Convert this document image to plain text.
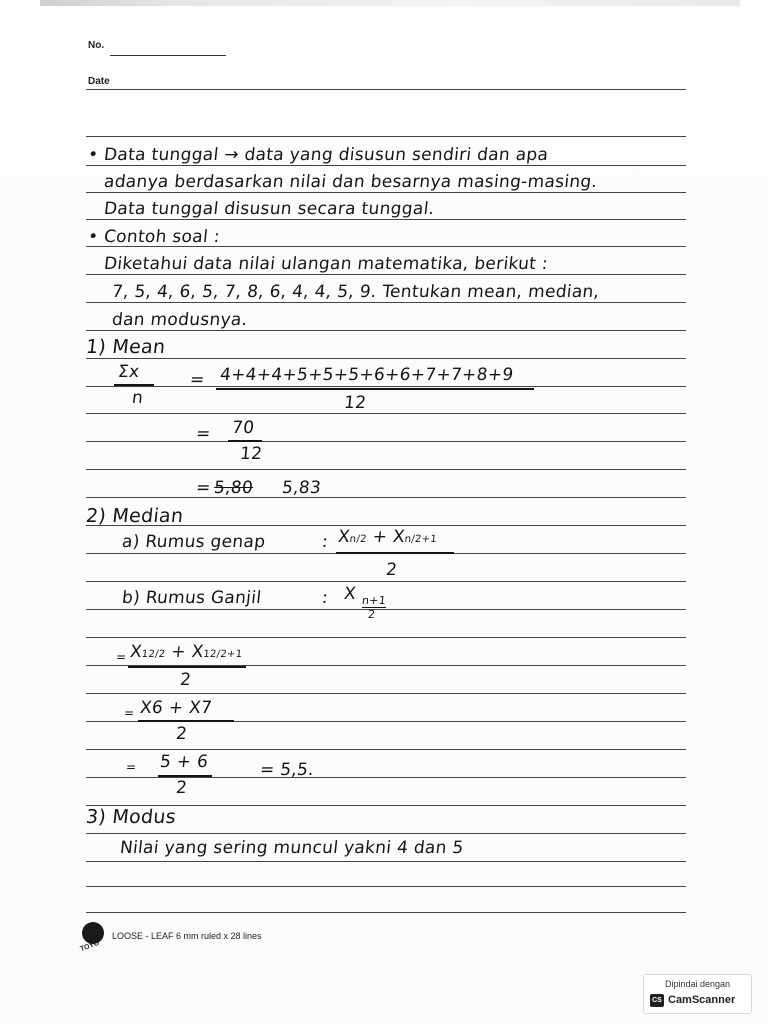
No.
Date
• Data tunggal → data yang disusun sendiri dan apa
adanya berdasarkan nilai dan besarnya masing-masing.
Data tunggal disusun secara tunggal.
• Contoh soal :
Diketahui data nilai ulangan matematika, berikut :
7, 5, 4, 6, 5, 7, 8, 6, 4, 4, 5, 9. Tentukan mean, median,
dan modusnya.
1) Mean
Σx
n
= 4+4+4+5+5+5+6+6+7+7+8+9
12
= 70
12
= 5,80 5,83
2) Median
a) Rumus genap	: Xn/2 + Xn/2+1
2
b) Rumus Ganjil	: X n+1
2
= X12/2 + X12/2+1
2
= X6 + X7
2
= 5 + 6
2
= 5,5.
3) Modus
Nilai yang sering muncul yakni 4 dan 5
TOYO
LOOSE - LEAF 6 mm ruled x 28 lines
Dipindai dengan
CS CamScanner
